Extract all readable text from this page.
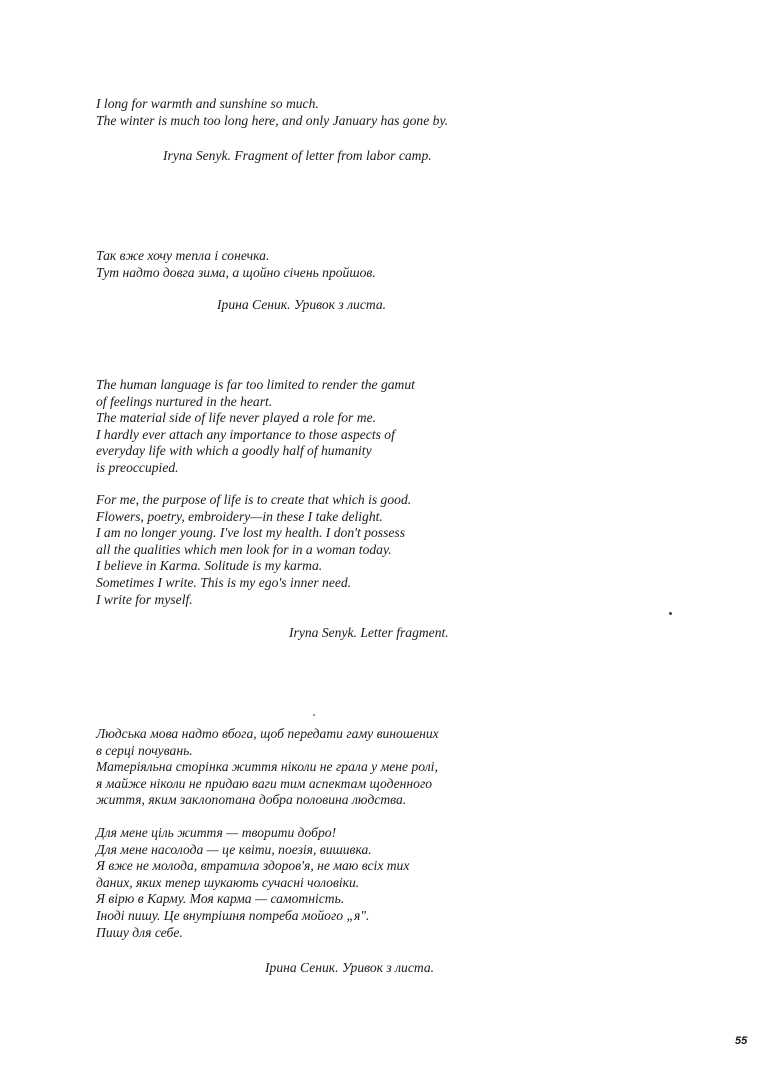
I long for warmth and sunshine so much.
The winter is much too long here, and only January has gone by.
Iryna Senyk. Fragment of letter from labor camp.
Так вже хочу тепла і сонечка.
Тут надто довга зима, а щойно січень пройшов.
Ірина Сеник. Уривок з листа.
The human language is far too limited to render the gamut
of feelings nurtured in the heart.
The material side of life never played a role for me.
I hardly ever attach any importance to those aspects of
everyday life with which a goodly half of humanity
is preoccupied.
For me, the purpose of life is to create that which is good.
Flowers, poetry, embroidery—in these I take delight.
I am no longer young. I've lost my health. I don't possess
all the qualities which men look for in a woman today.
I believe in Karma. Solitude is my karma.
Sometimes I write. This is my ego's inner need.
I write for myself.
Iryna Senyk. Letter fragment.
Людська мова надто вбога, щоб передати гаму виношених
в серці почувань.
Матеріяльна сторінка життя ніколи не грала у мене ролі,
я майже ніколи не придаю ваги тим аспектам щоденного
життя, яким заклопотана добра половина людства.
Для мене ціль життя — творити добро!
Для мене насолода — це квіти, поезія, вишивка.
Я вже не молода, втратила здоров'я, не маю всіх тих
даних, яких тепер шукають сучасні чоловіки.
Я вірю в Карму. Моя карма — самотність.
Іноді пишу. Це внутрішня потреба мойого „я".
Пишу для себе.
Ірина Сеник. Уривок з листа.
55
